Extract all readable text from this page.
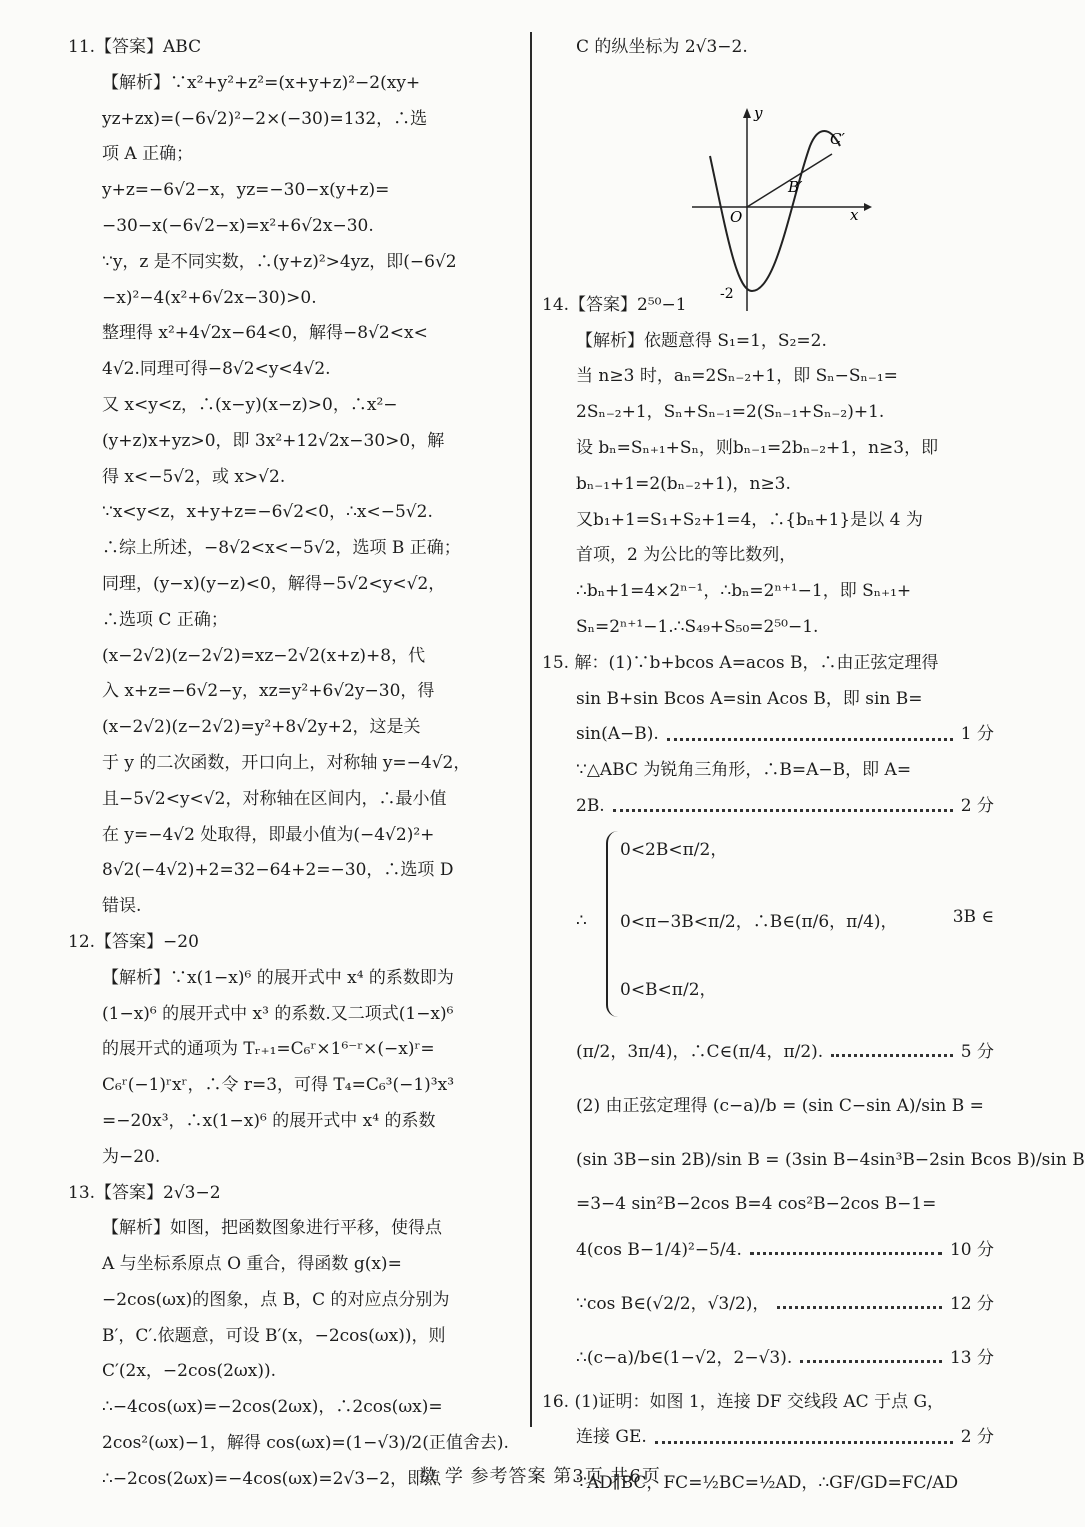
11.【答案】ABC
【解析】∵x²+y²+z²=(x+y+z)²−2(xy+
yz+zx)=(−6√2)²−2×(−30)=132，∴选
项 A 正确；
y+z=−6√2−x，yz=−30−x(y+z)=
−30−x(−6√2−x)=x²+6√2x−30.
∵y，z 是不同实数，∴(y+z)²>4yz，即(−6√2
−x)²−4(x²+6√2x−30)>0.
整理得 x²+4√2x−64<0，解得−8√2<x<
4√2.同理可得−8√2<y<4√2.
又 x<y<z，∴(x−y)(x−z)>0，∴x²−
(y+z)x+yz>0，即 3x²+12√2x−30>0，解
得 x<−5√2，或 x>√2.
∵x<y<z，x+y+z=−6√2<0，∴x<−5√2.
∴综上所述，−8√2<x<−5√2，选项 B 正确；
同理，(y−x)(y−z)<0，解得−5√2<y<√2，
∴选项 C 正确；
(x−2√2)(z−2√2)=xz−2√2(x+z)+8，代
入 x+z=−6√2−y，xz=y²+6√2y−30，得
(x−2√2)(z−2√2)=y²+8√2y+2，这是关
于 y 的二次函数，开口向上，对称轴 y=−4√2，
且−5√2<y<√2，对称轴在区间内，∴最小值
在 y=−4√2 处取得，即最小值为(−4√2)²+
8√2(−4√2)+2=32−64+2=−30，∴选项 D
错误.
12.【答案】−20
【解析】∵x(1−x)⁶ 的展开式中 x⁴ 的系数即为
(1−x)⁶ 的展开式中 x³ 的系数.又二项式(1−x)⁶
的展开式的通项为 Tᵣ₊₁=C₆ʳ×1⁶⁻ʳ×(−x)ʳ=
C₆ʳ(−1)ʳxʳ，∴令 r=3，可得 T₄=C₆³(−1)³x³
=−20x³，∴x(1−x)⁶ 的展开式中 x⁴ 的系数
为−20.
13.【答案】2√3−2
【解析】如图，把函数图象进行平移，使得点
A 与坐标系原点 O 重合，得函数 g(x)=
−2cos(ωx)的图象，点 B，C 的对应点分别为
B′，C′.依题意，可设 B′(x，−2cos(ωx))，则
C′(2x，−2cos(2ωx)).
∴−4cos(ωx)=−2cos(2ωx)，∴2cos(ωx)=
2cos²(ωx)−1，解得 cos(ωx)=(1−√3)/2(正值舍去).
∴−2cos(2ωx)=−4cos(ωx)=2√3−2，即点
C 的纵坐标为 2√3−2.
y
x
O
B′
C′
-2
14.【答案】2⁵⁰−1
【解析】依题意得 S₁=1，S₂=2.
当 n≥3 时，aₙ=2Sₙ₋₂+1，即 Sₙ−Sₙ₋₁=
2Sₙ₋₂+1，Sₙ+Sₙ₋₁=2(Sₙ₋₁+Sₙ₋₂)+1.
设 bₙ=Sₙ₊₁+Sₙ，则bₙ₋₁=2bₙ₋₂+1，n≥3，即
bₙ₋₁+1=2(bₙ₋₂+1)，n≥3.
又b₁+1=S₁+S₂+1=4，∴{bₙ+1}是以 4 为
首项，2 为公比的等比数列，
∴bₙ+1=4×2ⁿ⁻¹，∴bₙ=2ⁿ⁺¹−1，即 Sₙ₊₁+
Sₙ=2ⁿ⁺¹−1.∴S₄₉+S₅₀=2⁵⁰−1.
15. 解：(1)∵b+bcos A=acos B，∴由正弦定理得
sin B+sin Bcos A=sin Acos B，即 sin B=
sin(A−B).	1 分
∵△ABC 为锐角三角形，∴B=A−B，即 A=
2B.	2 分
∴
0<2B<π/2，
0<π−3B<π/2，∴B∈(π/6，π/4)，	3B ∈
0<B<π/2，
(π/2，3π/4)，∴C∈(π/4，π/2).	5 分
(2) 由正弦定理得 (c−a)/b = (sin C−sin A)/sin B =
(sin 3B−sin 2B)/sin B = (3sin B−4sin³B−2sin Bcos B)/sin B
=3−4 sin²B−2cos B=4 cos²B−2cos B−1=
4(cos B−1/4)²−5/4.	10 分
∵cos B∈(√2/2，√3/2)，	12 分
∴(c−a)/b∈(1−√2，2−√3).	13 分
16. (1)证明：如图 1，连接 DF 交线段 AC 于点 G，
连接 GE.	2 分
∵AD∥BC，FC=½BC=½AD，∴GF/GD=FC/AD
数 学 参考答案 第3页 共6页
